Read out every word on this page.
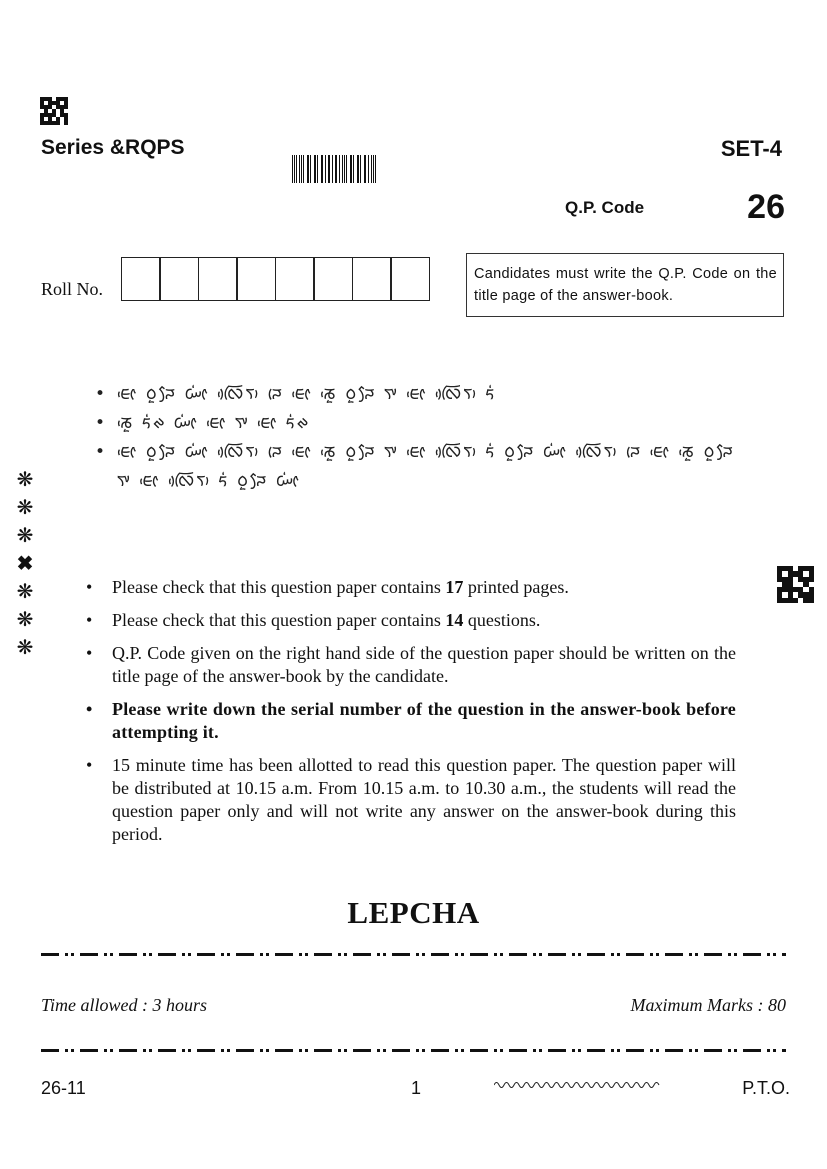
Series &RQPS	SET-4
Q.P. Code	26
Roll No.
Candidates must write the Q.P. Code on the title page of the answer-book.
• ᰀᰦᰵ ᰓᰬᰎᰧ ᰠᰦᰭ ᰜᰩᰴᰛᰥ ᰎᰨ ᰀᰦᰵ ᰕᰬᰵ ᰓᰬᰎᰧ ᰛᰤ ᰀᰦᰵ ᰜᰩᰴᰛᰥ ᰁᰭ
• ᰕᰬᰵ ᰁᰭᰊ ᰠᰦᰭ ᰀᰦᰵ ᰛᰤ ᰀᰦᰵ ᰁᰭᰊ
• ᰀᰦᰵ ᰓᰬᰎᰧ ᰠᰦᰭ ᰜᰩᰴᰛᰥ ᰎᰨ ᰀᰦᰵ ᰕᰬᰵ ᰓᰬᰎᰧ ᰛᰤ ᰀᰦᰵ ᰜᰩᰴᰛᰥ ᰁᰭ ᰓᰬᰎᰧ ᰠᰦᰭ ᰜᰩᰴᰛᰥ ᰎᰨ ᰀᰦᰵ ᰕᰬᰵ ᰓᰬᰎᰧ ᰛᰤ ᰀᰦᰵ ᰜᰩᰴᰛᰥ ᰁᰭ ᰓᰬᰎᰧ ᰠᰦᰭ
❋
❋
❋
✖
❋
❋
❋
• Please check that this question paper contains 17 printed pages.
• Please check that this question paper contains 14 questions.
• Q.P. Code given on the right hand side of the question paper should be written on the title page of the answer-book by the candidate.
• Please write down the serial number of the question in the answer-book before attempting it.
• 15 minute time has been allotted to read this question paper. The question paper will be distributed at 10.15 a.m. From 10.15 a.m. to 10.30 a.m., the students will read the question paper only and will not write any answer on the answer-book during this period.
LEPCHA
Time allowed : 3 hours	Maximum Marks : 80
26-11	1	P.T.O.
